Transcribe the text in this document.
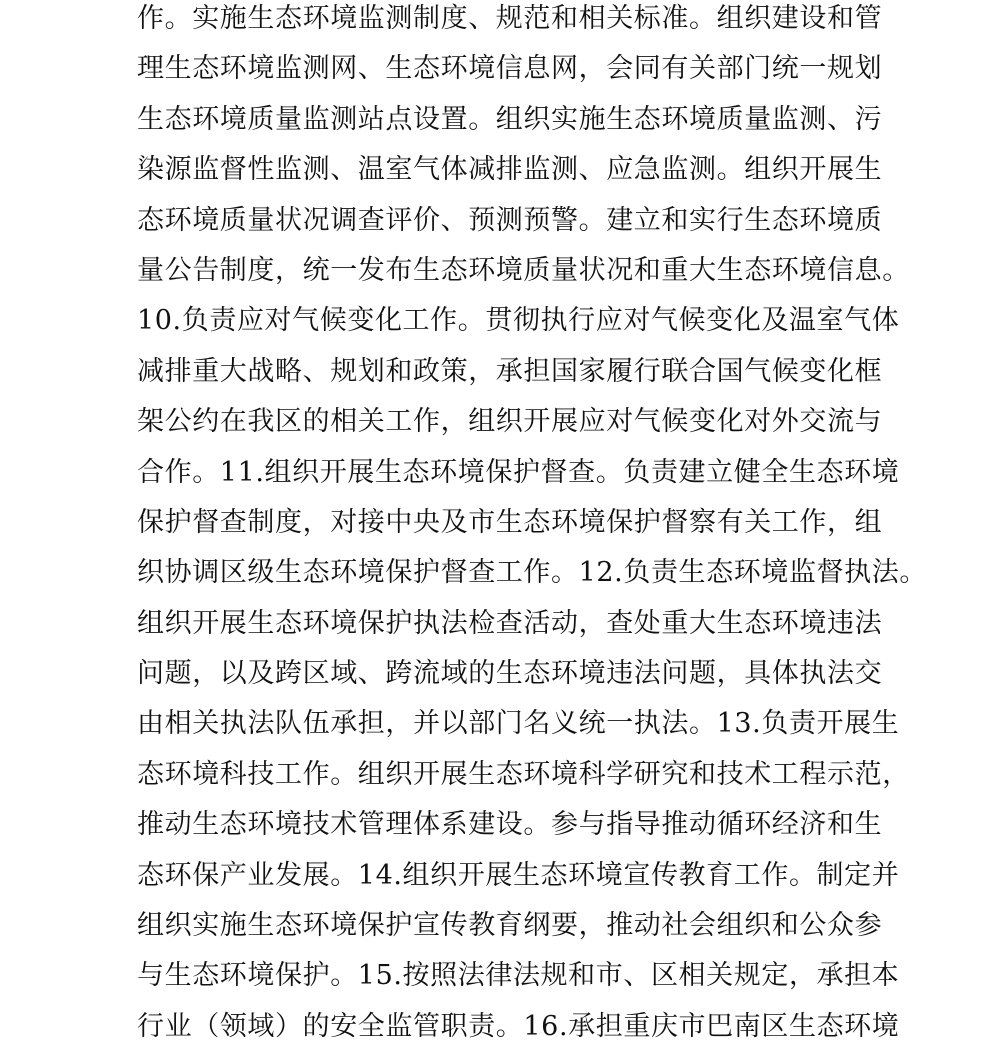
作。实施生态环境监测制度、规范和相关标准。组织建设和管
理生态环境监测网、生态环境信息网，会同有关部门统一规划
生态环境质量监测站点设置。组织实施生态环境质量监测、污
染源监督性监测、温室气体减排监测、应急监测。组织开展生
态环境质量状况调查评价、预测预警。建立和实行生态环境质
量公告制度，统一发布生态环境质量状况和重大生态环境信息。
10.负责应对气候变化工作。贯彻执行应对气候变化及温室气体
减排重大战略、规划和政策，承担国家履行联合国气候变化框
架公约在我区的相关工作，组织开展应对气候变化对外交流与
合作。11.组织开展生态环境保护督查。负责建立健全生态环境
保护督查制度，对接中央及市生态环境保护督察有关工作，组
织协调区级生态环境保护督查工作。12.负责生态环境监督执法。
组织开展生态环境保护执法检查活动，查处重大生态环境违法
问题，以及跨区域、跨流域的生态环境违法问题，具体执法交
由相关执法队伍承担，并以部门名义统一执法。13.负责开展生
态环境科技工作。组织开展生态环境科学研究和技术工程示范，
推动生态环境技术管理体系建设。参与指导推动循环经济和生
态环保产业发展。14.组织开展生态环境宣传教育工作。制定并
组织实施生态环境保护宣传教育纲要，推动社会组织和公众参
与生态环境保护。15.按照法律法规和市、区相关规定，承担本
行业（领域）的安全监管职责。16.承担重庆市巴南区生态环境
